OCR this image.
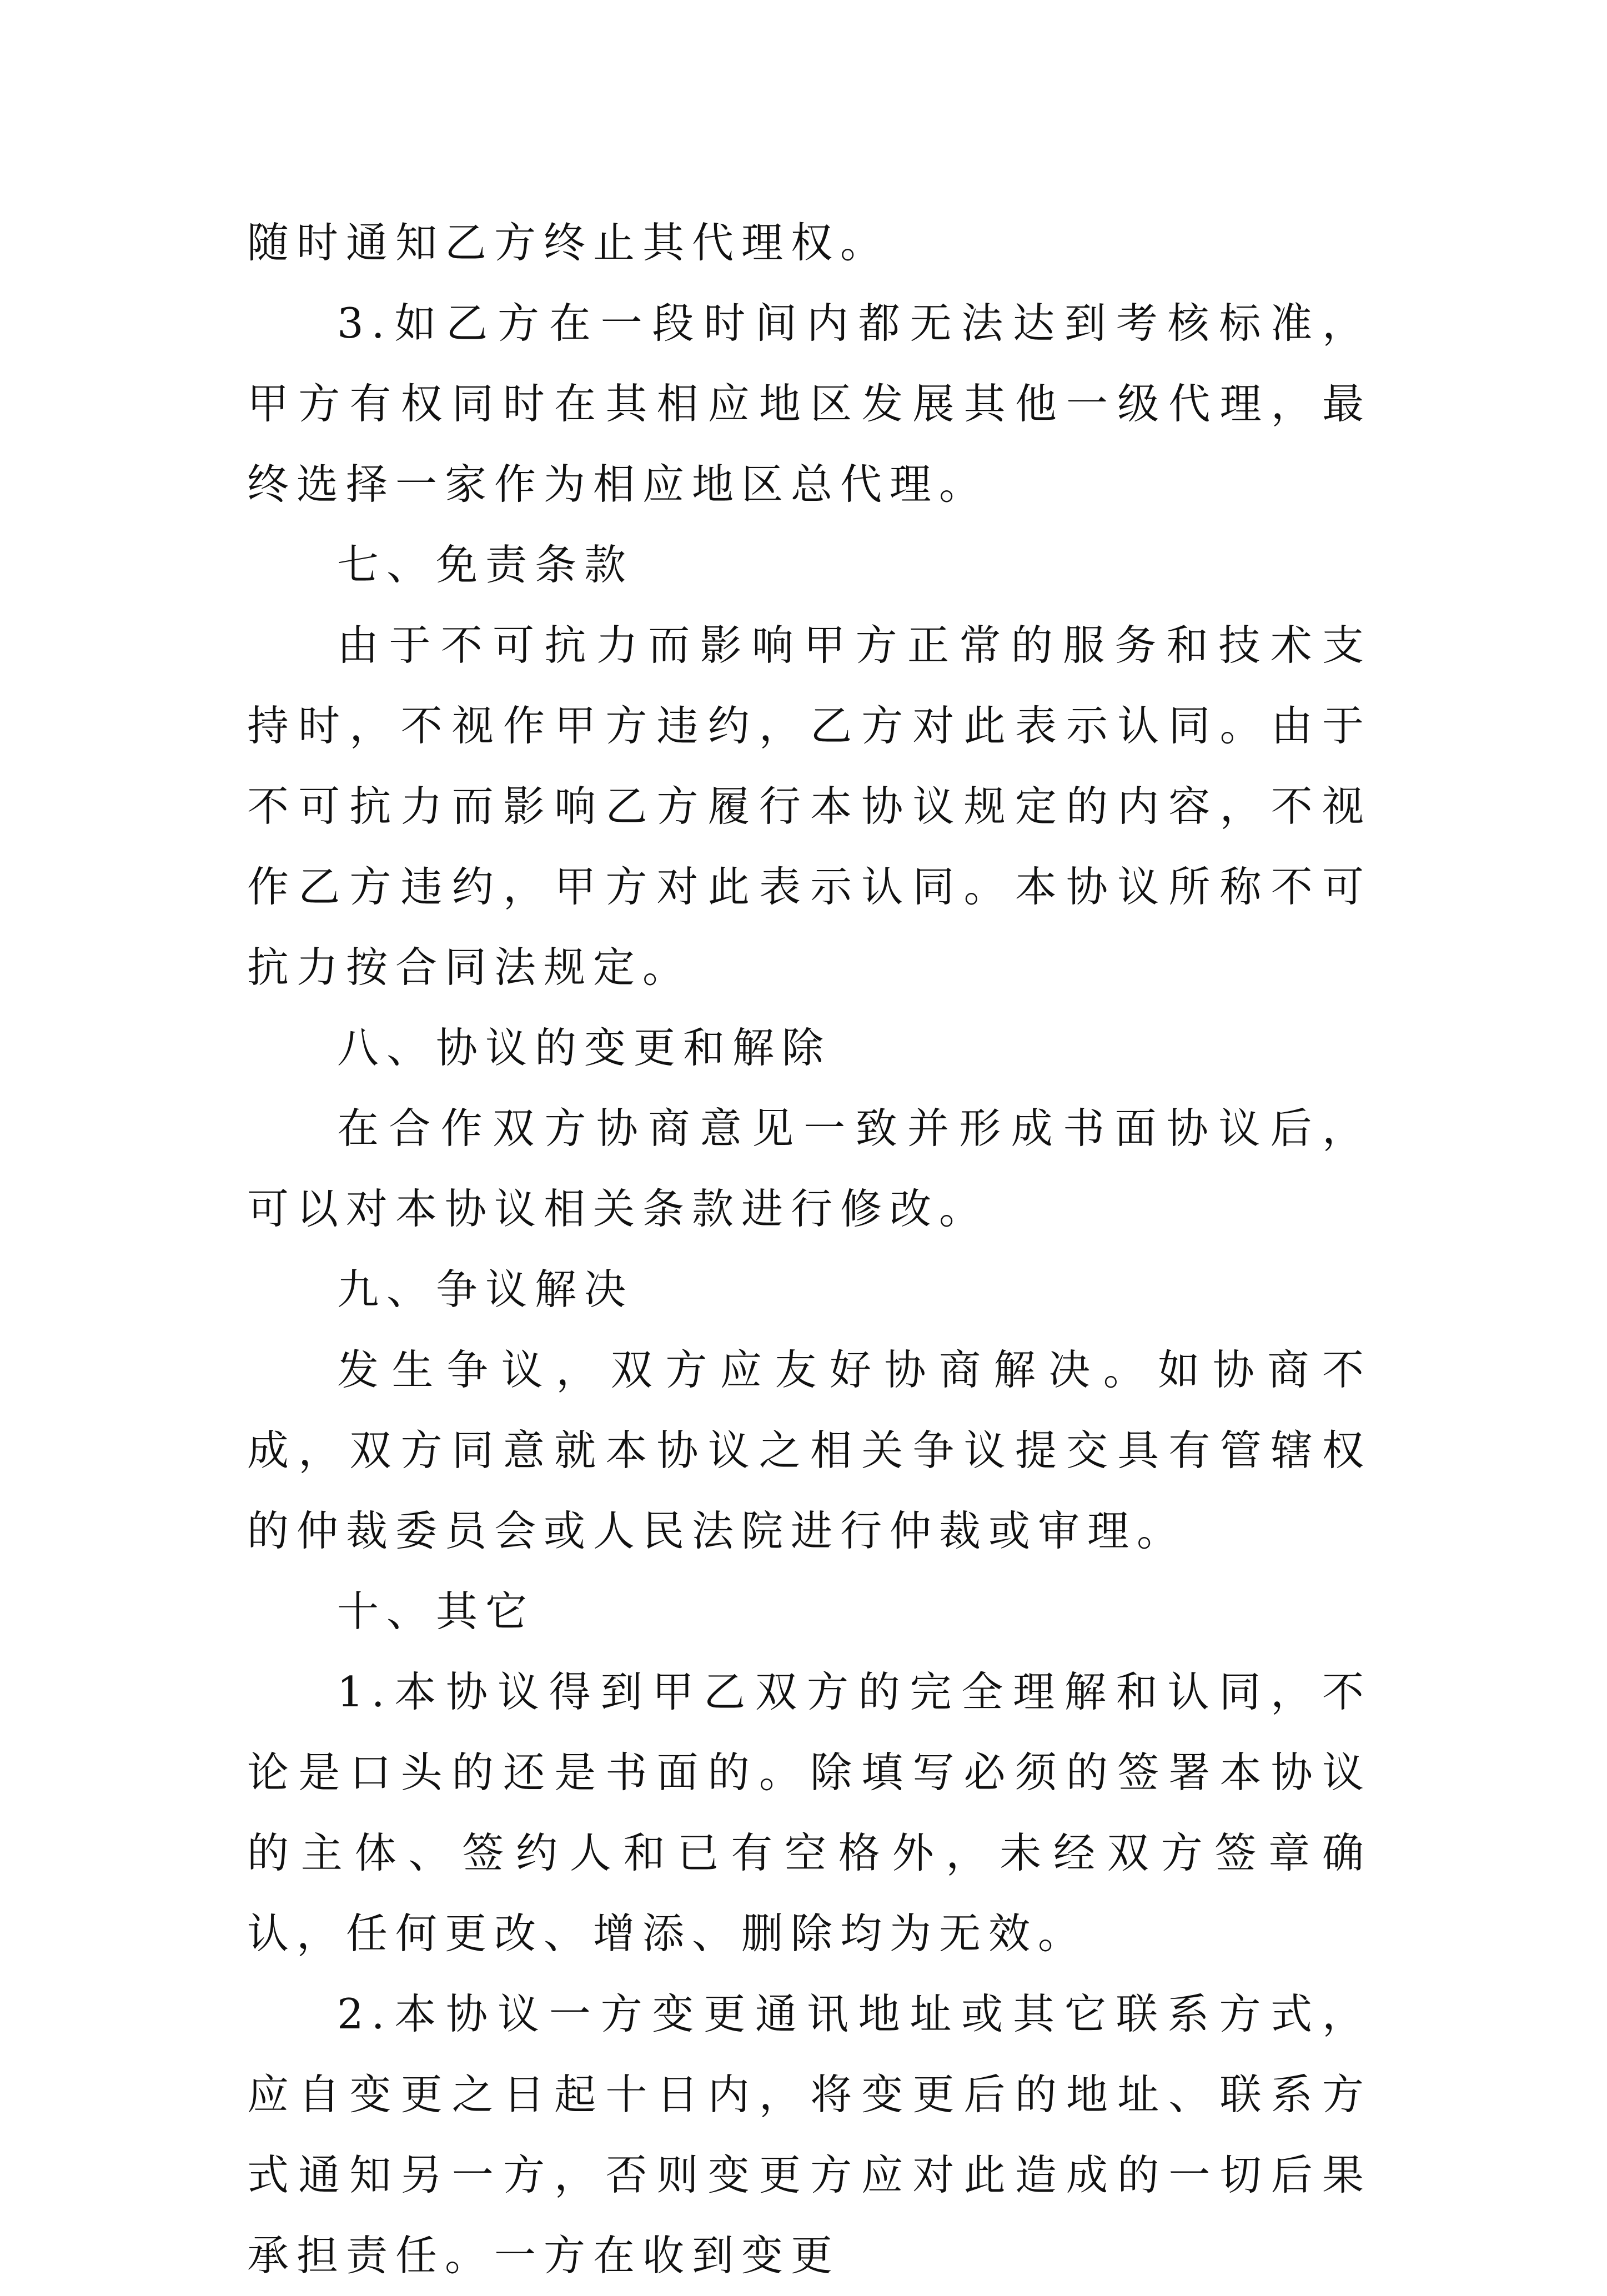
随时通知乙方终止其代理权。

3.如乙方在一段时间内都无法达到考核标准，甲方有权同时在其相应地区发展其他一级代理，最终选择一家作为相应地区总代理。

七、免责条款

由于不可抗力而影响甲方正常的服务和技术支持时，不视作甲方违约，乙方对此表示认同。由于不可抗力而影响乙方履行本协议规定的内容，不视作乙方违约，甲方对此表示认同。本协议所称不可抗力按合同法规定。

八、协议的变更和解除

在合作双方协商意见一致并形成书面协议后，可以对本协议相关条款进行修改。

九、争议解决

发生争议，双方应友好协商解决。如协商不成，双方同意就本协议之相关争议提交具有管辖权的仲裁委员会或人民法院进行仲裁或审理。

十、其它

1.本协议得到甲乙双方的完全理解和认同，不论是口头的还是书面的。除填写必须的签署本协议的主体、签约人和已有空格外，未经双方签章确认，任何更改、增添、删除均为无效。

2.本协议一方变更通讯地址或其它联系方式，应自变更之日起十日内，将变更后的地址、联系方式通知另一方，否则变更方应对此造成的一切后果承担责任。一方在收到变更
